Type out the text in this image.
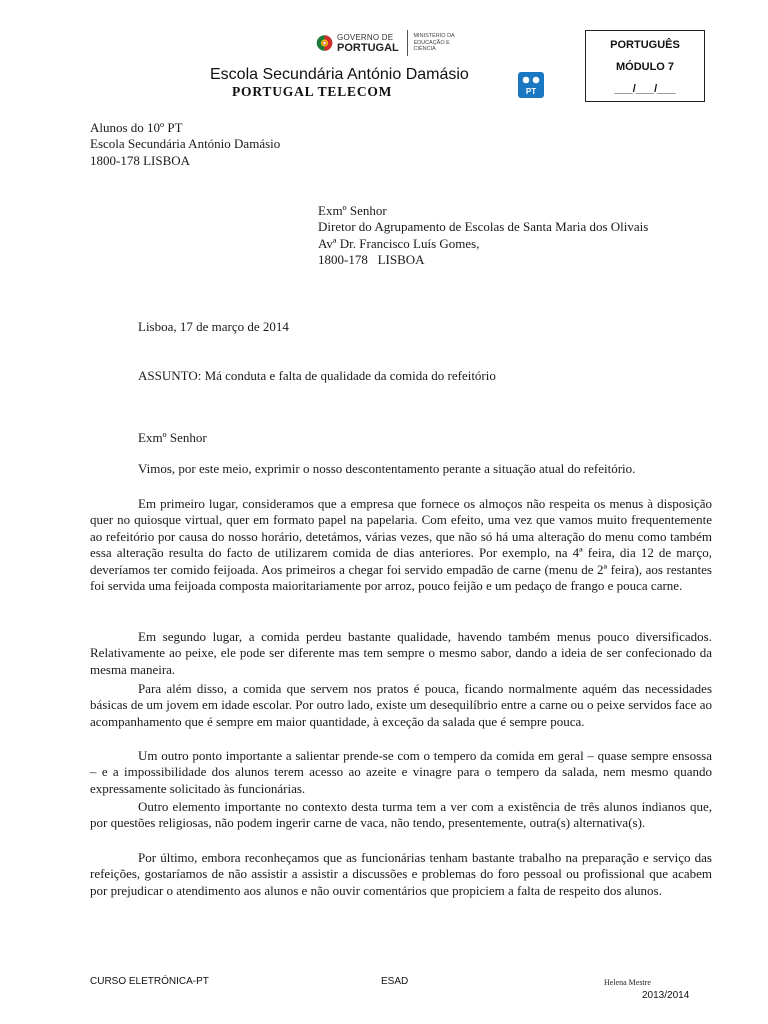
GOVERNO DE
PORTUGAL
MINISTÉRIO DA EDUCAÇÃO E CIÊNCIA
Escola Secundária António Damásio
PORTUGAL TELECOM	PT
PORTUGUÊS
MÓDULO 7
___/___/___
Alunos do 10º PT
Escola Secundária António Damásio
1800-178 LISBOA
Exmº Senhor
Diretor do Agrupamento de Escolas de Santa Maria dos Olivais
Avª Dr. Francisco Luís Gomes,
1800-178   LISBOA
Lisboa, 17 de março de 2014
ASSUNTO: Má conduta e falta de qualidade da comida do refeitório
Exmº Senhor

Vimos, por este meio, exprimir o nosso descontentamento perante a situação atual do refeitório.

Em primeiro lugar, consideramos que a empresa que fornece os almoços não respeita os menus à disposição quer no quiosque virtual, quer em formato papel na papelaria. Com efeito, uma vez que vamos muito frequentemente ao refeitório por causa do nosso horário, detetámos, várias vezes, que não só há uma alteração do menu como também essa alteração resulta do facto de utilizarem comida de dias anteriores. Por exemplo, na 4ª feira, dia 12 de março, deveríamos ter comido feijoada. Aos primeiros a chegar foi servido empadão de carne (menu de 2ª feira), aos restantes foi servida uma feijoada composta maioritariamente por arroz, pouco feijão e um pedaço de frango e pouca carne.

Em segundo lugar, a comida perdeu bastante qualidade, havendo também menus pouco diversificados. Relativamente ao peixe, ele pode ser diferente mas tem sempre o mesmo sabor, dando a ideia de ser confecionado da mesma maneira.

Para além disso, a comida que servem nos pratos é pouca, ficando normalmente aquém das necessidades básicas de um jovem em idade escolar. Por outro lado, existe um desequilíbrio entre a carne ou o peixe servidos face ao acompanhamento que é sempre em maior quantidade, à exceção da salada que é sempre pouca.

Um outro ponto importante a salientar prende-se com o tempero da comida em geral – quase sempre ensossa – e a impossibilidade dos alunos terem acesso ao azeite e vinagre para o tempero da salada, nem mesmo quando expressamente solicitado às funcionárias.

Outro elemento importante no contexto desta turma tem a ver com a existência de três alunos indianos que, por questões religiosas, não podem ingerir carne de vaca, não tendo, presentemente, outra(s) alternativa(s).

Por último, embora reconheçamos que as funcionárias tenham bastante trabalho na preparação e serviço das refeições, gostaríamos de não assistir a assistir a discussões e problemas do foro pessoal ou profissional que acabem por prejudicar o atendimento aos alunos e não ouvir comentários que propiciem a falta de respeito dos alunos.

CURSO ELETRÓNICA-PT	ESAD	Helena Mestre
2013/2014
